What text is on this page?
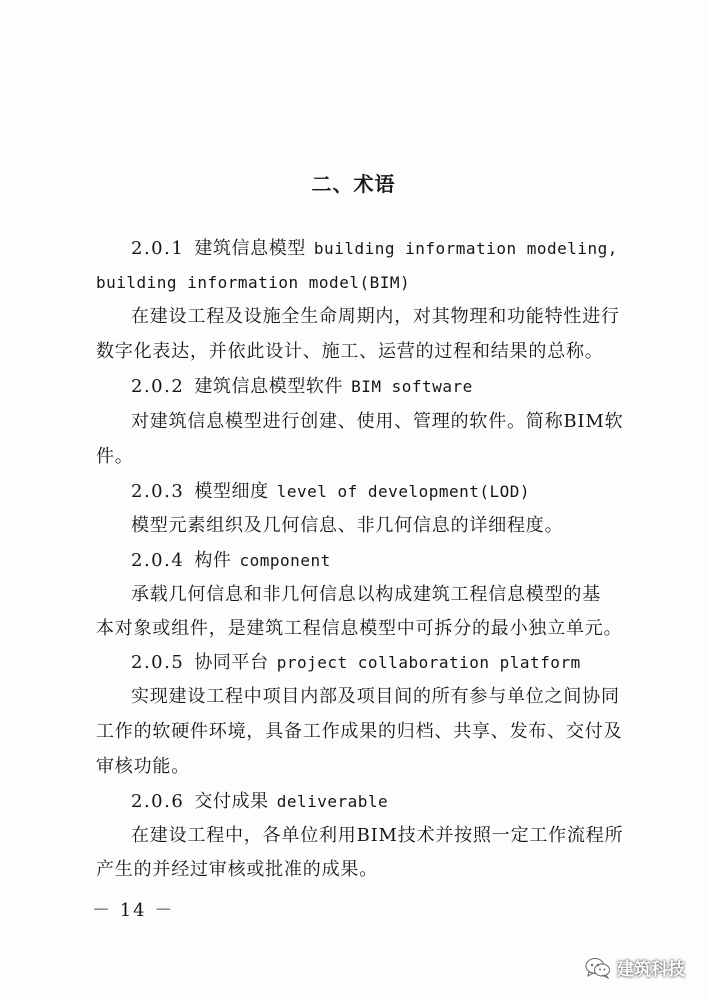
二、术语
2.0.1 建筑信息模型 building information modeling,
building information model(BIM)
在建设工程及设施全生命周期内，对其物理和功能特性进行
数字化表达，并依此设计、施工、运营的过程和结果的总称。
2.0.2 建筑信息模型软件 BIM software
对建筑信息模型进行创建、使用、管理的软件。简称BIM软
件。
2.0.3 模型细度 level of development(LOD)
模型元素组织及几何信息、非几何信息的详细程度。
2.0.4 构件 component
承载几何信息和非几何信息以构成建筑工程信息模型的基
本对象或组件，是建筑工程信息模型中可拆分的最小独立单元。
2.0.5 协同平台 project collaboration platform
实现建设工程中项目内部及项目间的所有参与单位之间协同
工作的软硬件环境，具备工作成果的归档、共享、发布、交付及
审核功能。
2.0.6 交付成果 deliverable
在建设工程中，各单位利用BIM技术并按照一定工作流程所
产生的并经过审核或批准的成果。
－ 14 －
建筑科技
